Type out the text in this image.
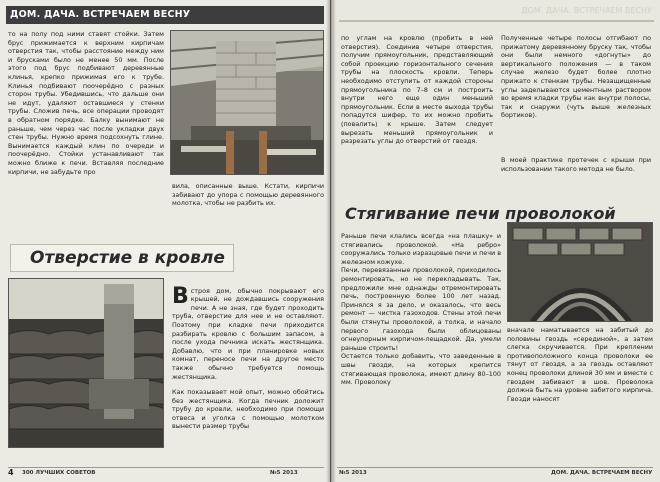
ДОМ. ДАЧА. ВСТРЕЧАЕМ ВЕСНУ
то на полу под ними ставят стойки. Затем брус прижимается к верхним кирпичам отверстия так, чтобы расстояние между ним и брусками было не менее 50 мм. После этого под брус подбивают деревянные клинья, крепко прижимая его к трубе. Клинья подбивают поочерёдно с разных сторон трубы. Убедившись, что дальше они не идут, удаляют оставшиеся у стенки трубы. Сложив печь, все операции проводят в обратном порядке. Балку вынимают не раньше, чем через час после укладки двух стен трубы. Нужно время подсохнуть глине. Вынимается каждый клин по очереди и поочерёдно. Стойки устанавливают так можно ближе к печи. Вставляя последние кирпичи, не забудьте про
вила, описанные выше. Кстати, кирпичи забивают до упора с помощью деревянного молотка, чтобы не разбить их.
Отверстие в кровле

Встроя дом, обычно покрывают его крышей, не дождавшись сооружения печи. А не зная, где будет проходить труба, отверстие для нее и не оставляют. Поэтому при кладке печи приходится разбирать кровлю с большим запасом, а после ухода печника искать жестянщика. Добавлю, что и при планировке новых комнат, переносе печи на другое место также обычно требуется помощь жестянщика.

Как показывает мой опыт, можно обойтись без жестянщика. Когда печник доложит трубу до кровли, необходимо при помощи отвеса и уголка с помощью молотком вынести размер трубы
4 300 ЛУЧШИХ СОВЕТОВ	№5 2013
ДОМ. ДАЧА. ВСТРЕЧАЕМ ВЕСНУ
по углам на кровлю (пробить в ней отверстия). Соединив четыре отверстия, получим прямоугольник, представляющий собой проекцию горизонтального сечения трубы на плоскость кровли. Теперь необходимо отступить от каждой стороны прямоугольника по 7–8 см и построить внутри него еще один меньший прямоугольник. Если в месте выхода трубы попадутся шифер, то их можно пробить (повалить) к крыше. Затем следует вырезать меньший прямоугольник и разрезать углы до отверстий от гвоздя.
Полученные четыре полосы отгибают по прижатому деревянному бруску так, чтобы они были немного «догнуты» до вертикального положения — в таком случае железо будет более плотно прижато к стенкам трубы. Незащищенные углы заделываются цементным раствором во время кладки трубы как внутри полосы, так и снаружи (чуть выше железных бортиков).
В моей практике протечек с крыши при использовании такого метода не было.
Стягивание печи проволокой
Раньше печи клались всегда «на плашку» и стягивались проволокой. «На ребро» сооружались только изразцовые печи и печи в железном кожухе.
Печи, перевязанные проволокой, приходилось ремонтировать, но не перекладывать. Так, предложили мне однажды отремонтировать печь, построенную более 100 лет назад. Принялся я за дело, и оказалось, что весь ремонт — чистка газоходов. Стены этой печи были стянуты проволокой, а толка, и начало первого газохода были облицованы огнеупорным кирпичом-лещадкой. Да, умели раньше строить!
Остается только добавить, что заведенные в швы гвозди, на которых крепится стягивающая проволока, имеют длину 80–100 мм. Проволоку
вначале наматывается на забитый до половины гвоздь «серединой», а затем слегка скручивается. При креплении противоположного конца проволоки ее тянут от гвоздя, а за гвоздь оставляют конец проволоки длиной 30 мм и вместе с гвоздем забивают в шов. Проволока должна быть на уровне забитого кирпича. Гвозди наносят
№5 2013	ДОМ. ДАЧА. ВСТРЕЧАЕМ ВЕСНУ
